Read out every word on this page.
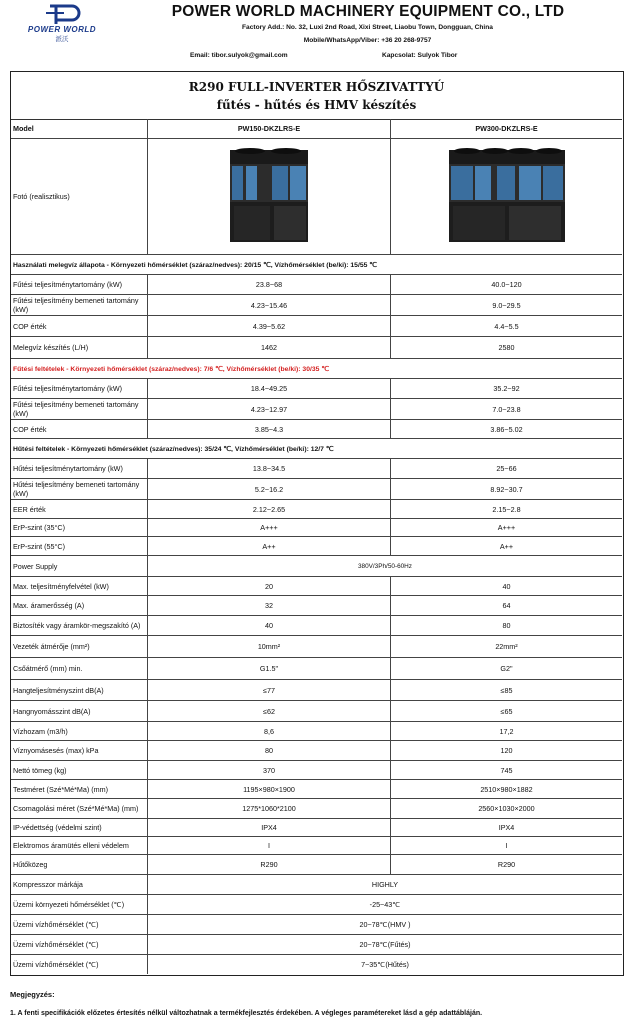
POWER WORLD
派沃
POWER WORLD MACHINERY EQUIPMENT CO., LTD
Factory Add.: No. 32, Luxi 2nd Road, Xixi Street, Liaobu Town, Dongguan, China
Mobile/WhatsApp/Viber: +36 20 268-9757
Email: tibor.sulyok@gmail.com	Kapcsolat: Sulyok Tibor
R290 FULL-INVERTER HŐSZIVATTYÚ
fűtés - hűtés és HMV készítés
Model	PW150-DKZLRS-E	PW300-DKZLRS-E
Fotó (realisztikus)
Használati melegvíz állapota - Környezeti hőmérséklet (száraz/nedves): 20/15 ℃, Vízhőmérséklet (be/ki): 15/55 ℃
Fűtési teljesítménytartomány (kW)	23.8~68	40.0~120
Fűtési teljesítmény bemeneti tartomány (kW)	4.23~15.46	9.0~29.5
COP érték	4.39~5.62	4.4~5.5
Melegvíz készítés (L/H)	1462	2580
Fűtési feltételek - Környezeti hőmérséklet (száraz/nedves): 7/6 ℃, Vízhőmérséklet (be/ki): 30/35 ℃
Fűtési teljesítménytartomány (kW)	18.4~49.25	35.2~92
Fűtési teljesítmény bemeneti tartomány (kW)	4.23~12.97	7.0~23.8
COP érték	3.85~4.3	3.86~5.02
Hűtési feltételek - Környezeti hőmérséklet (száraz/nedves): 35/24 ℃, Vízhőmérséklet (be/ki): 12/7 ℃
Hűtési teljesítménytartomány (kW)	13.8~34.5	25~66
Hűtési teljesítmény bemeneti tartomány (kW)	5.2~16.2	8.92~30.7
EER érték	2.12~2.65	2.15~2.8
ErP-szint (35°C)	A+++	A+++
ErP-szint (55°C)	A++	A++
Power Supply	380V/3Ph/50-60Hz
Max. teljesítményfelvétel (kW)	20	40
Max. áramerősség (A)	32	64
Biztosíték vagy áramkör-megszakító (A)	40	80
Vezeték átmérője (mm²)	10mm²	22mm²
Csőátmérő (mm) min.	G1.5"	G2"
Hangteljesítményszint dB(A)	≤77	≤85
Hangnyomásszint dB(A)	≤62	≤65
Vízhozam (m3/h)	8,6	17,2
Víznyomásesés (max) kPa	80	120
Nettó tömeg (kg)	370	745
Testméret (Szé*Mé*Ma) (mm)	1195×980×1900	2510×980×1882
Csomagolási méret (Szé*Mé*Ma) (mm)	1275*1060*2100	2560×1030×2000
IP-védettség (védelmi szint)	IPX4	IPX4
Elektromos áramütés elleni védelem	I	I
Hűtőközeg	R290	R290
Kompresszor márkája	HIGHLY
Üzemi környezeti hőmérséklet (℃)	-25~43℃
Üzemi vízhőmérséklet (℃)	20~78℃(HMV )
Üzemi vízhőmérséklet (℃)	20~78℃(Fűtés)
Üzemi vízhőmérséklet (℃)	7~35℃(Hűtés)
Megjegyzés:
1. A fenti specifikációk előzetes értesítés nélkül változhatnak a termékfejlesztés érdekében. A végleges paramétereket lásd a gép adattábláján.
